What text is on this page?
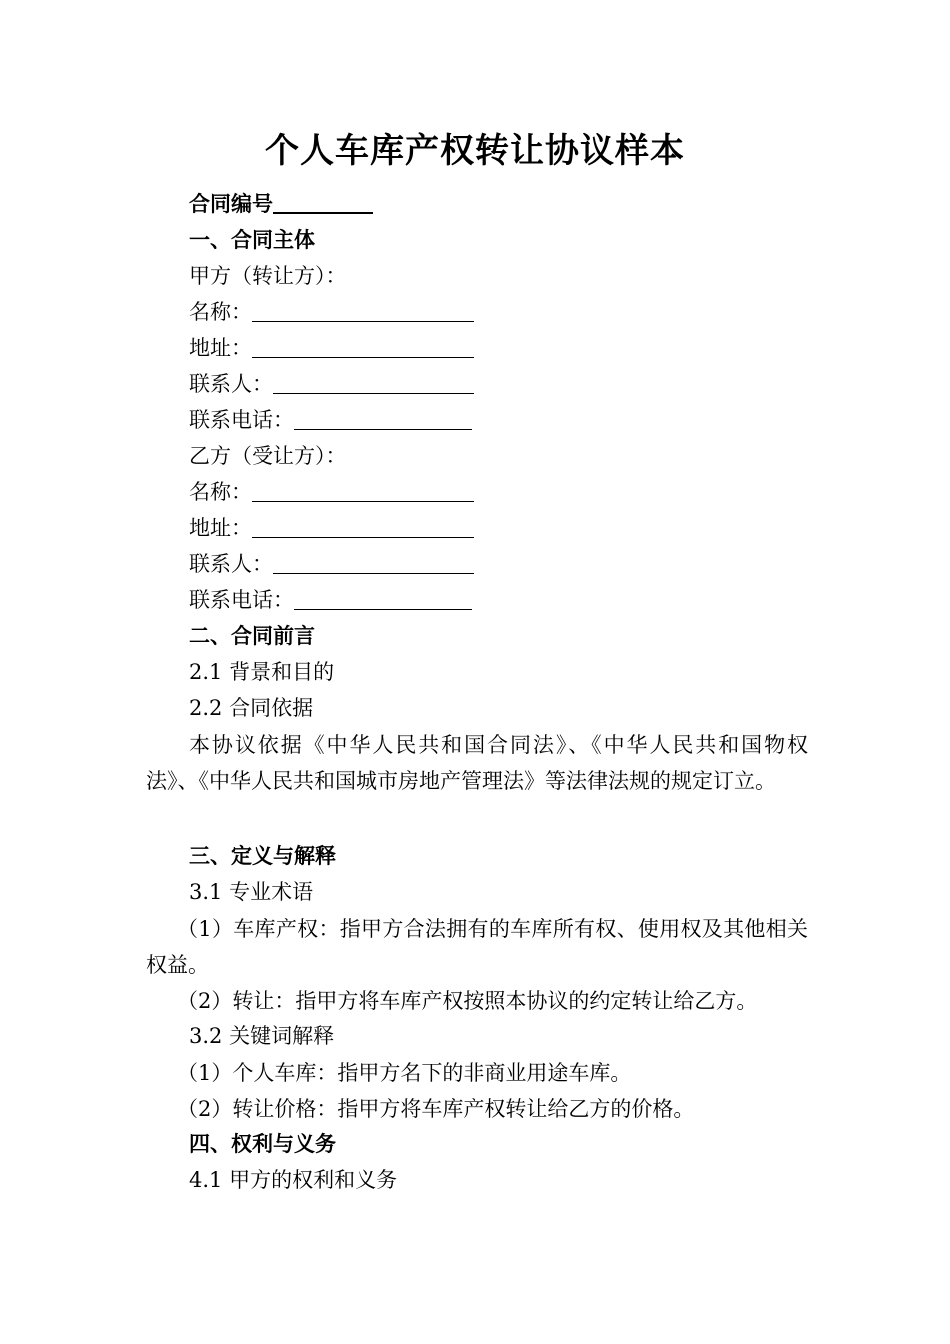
个人车库产权转让协议样本
合同编号
一、合同主体
甲方（转让方）：
名称：
地址：
联系人：
联系电话：
乙方（受让方）：
名称：
地址：
联系人：
联系电话：
二、合同前言
2.1 背景和目的
2.2 合同依据
本协议依据《中华人民共和国合同法》、《中华人民共和国物权法》、《中华人民共和国城市房地产管理法》等法律法规的规定订立。
三、定义与解释
3.1 专业术语
（1）车库产权：指甲方合法拥有的车库所有权、使用权及其他相关权益。
（2）转让：指甲方将车库产权按照本协议的约定转让给乙方。
3.2 关键词解释
（1）个人车库：指甲方名下的非商业用途车库。
（2）转让价格：指甲方将车库产权转让给乙方的价格。
四、权利与义务
4.1 甲方的权利和义务
